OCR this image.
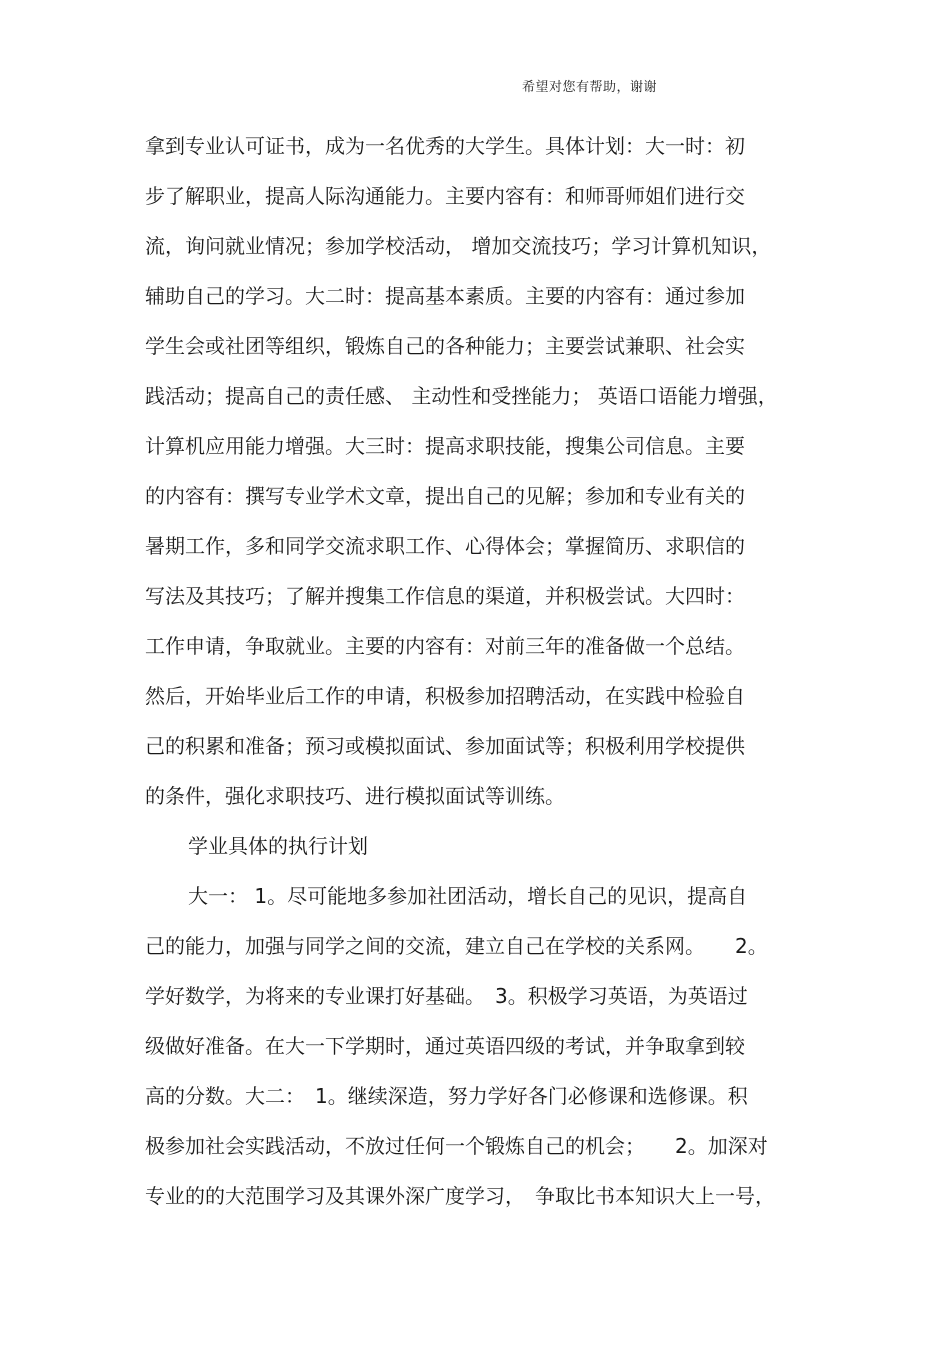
希望对您有帮助，谢谢
拿到专业认可证书，成为一名优秀的大学生。具体计划：大一时：初
步了解职业，提高人际沟通能力。主要内容有：和师哥师姐们进行交
流，询问就业情况；参加学校活动， 增加交流技巧；学习计算机知识，
辅助自己的学习。大二时：提高基本素质。主要的内容有：通过参加
学生会或社团等组织，锻炼自己的各种能力；主要尝试兼职、社会实
践活动；提高自己的责任感、 主动性和受挫能力； 英语口语能力增强，
计算机应用能力增强。大三时：提高求职技能，搜集公司信息。主要
的内容有：撰写专业学术文章，提出自己的见解；参加和专业有关的
暑期工作，多和同学交流求职工作、心得体会；掌握简历、求职信的
写法及其技巧；了解并搜集工作信息的渠道，并积极尝试。大四时：
工作申请，争取就业。主要的内容有：对前三年的准备做一个总结。
然后，开始毕业后工作的申请，积极参加招聘活动，在实践中检验自
己的积累和准备；预习或模拟面试、参加面试等；积极利用学校提供
的条件，强化求职技巧、进行模拟面试等训练。
学业具体的执行计划
大一： 1。尽可能地多参加社团活动，增长自己的见识，提高自
己的能力，加强与同学之间的交流，建立自己在学校的关系网。　　2。
学好数学，为将来的专业课打好基础。　3。积极学习英语，为英语过
级做好准备。在大一下学期时，通过英语四级的考试，并争取拿到较
高的分数。大二：　1。继续深造，努力学好各门必修课和选修课。积
极参加社会实践活动，不放过任何一个锻炼自己的机会；　　2。加深对
专业的的大范围学习及其课外深广度学习，　争取比书本知识大上一号，
